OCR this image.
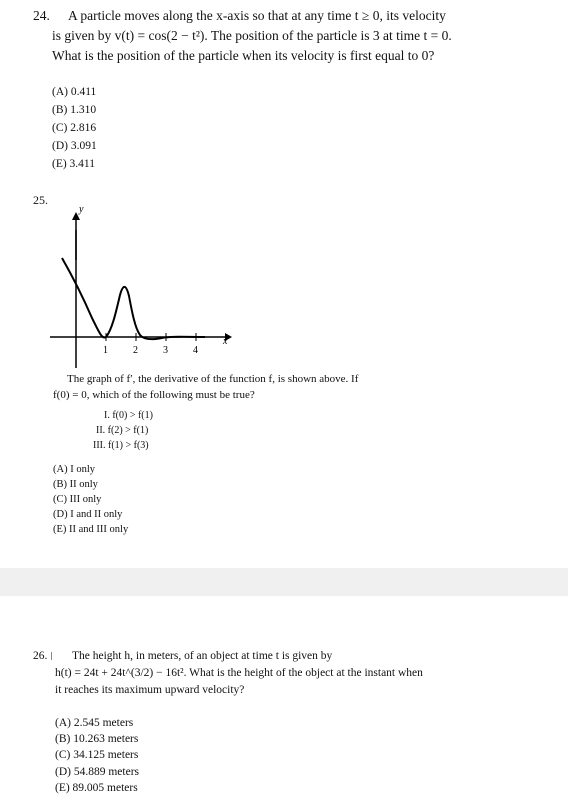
24. A particle moves along the x-axis so that at any time t ≥ 0, its velocity
is given by v(t) = cos(2 − t²). The position of the particle is 3 at time t = 0.
What is the position of the particle when its velocity is first equal to 0?
(A) 0.411
(B) 1.310
(C) 2.816
(D) 3.091
(E) 3.411
25.
y
x
1	2	3	4
The graph of f′, the derivative of the function f, is shown above. If
f(0) = 0, which of the following must be true?
I. f(0) > f(1)
II. f(2) > f(1)
III. f(1) > f(3)
(A) I only
(B) II only
(C) III only
(D) I and II only
(E) II and III only
26.	The height h, in meters, of an object at time t is given by
h(t) = 24t + 24t^(3/2) − 16t². What is the height of the object at the instant when
it reaches its maximum upward velocity?
(A) 2.545 meters
(B) 10.263 meters
(C) 34.125 meters
(D) 54.889 meters
(E) 89.005 meters
